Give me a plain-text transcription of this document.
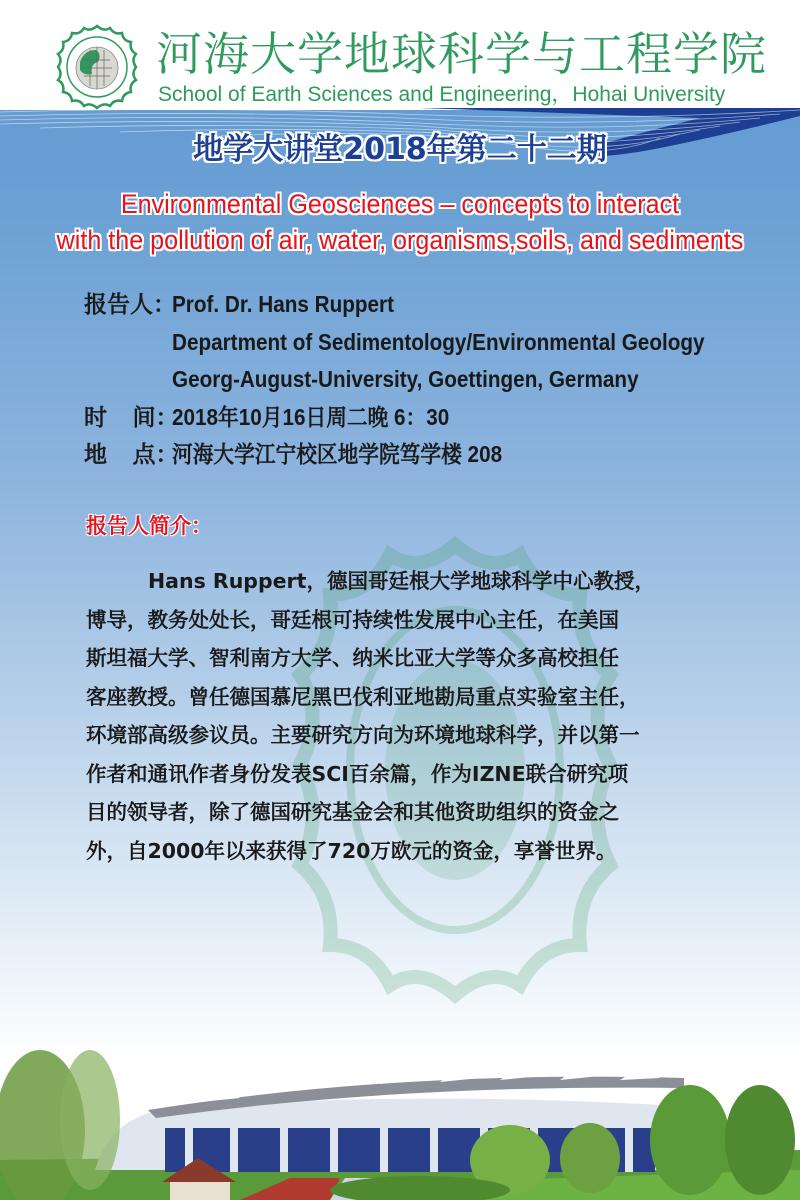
河海大学地球科学与工程学院
School of Earth Sciences and Engineering，Hohai University
地学大讲堂2018年第二十二期
Environmental Geosciences – concepts to interact
with the pollution of air, water, organisms,soils, and sediments
报告人：
Prof. Dr. Hans Ruppert
Department of Sedimentology/Environmental Geology
Georg-August-University, Goettingen, Germany
时    间：
2018年10月16日周二晚 6：30
地    点：
河海大学江宁校区地学院笃学楼 208
报告人简介：
Hans Ruppert，德国哥廷根大学地球科学中心教授，
博导，教务处处长，哥廷根可持续性发展中心主任，在美国
斯坦福大学、智利南方大学、纳米比亚大学等众多高校担任
客座教授。曾任德国慕尼黑巴伐利亚地勘局重点实验室主任，
环境部高级参议员。主要研究方向为环境地球科学，并以第一
作者和通讯作者身份发表SCI百余篇，作为IZNE联合研究项
目的领导者，除了德国研究基金会和其他资助组织的资金之
外，自2000年以来获得了720万欧元的资金，享誉世界。
